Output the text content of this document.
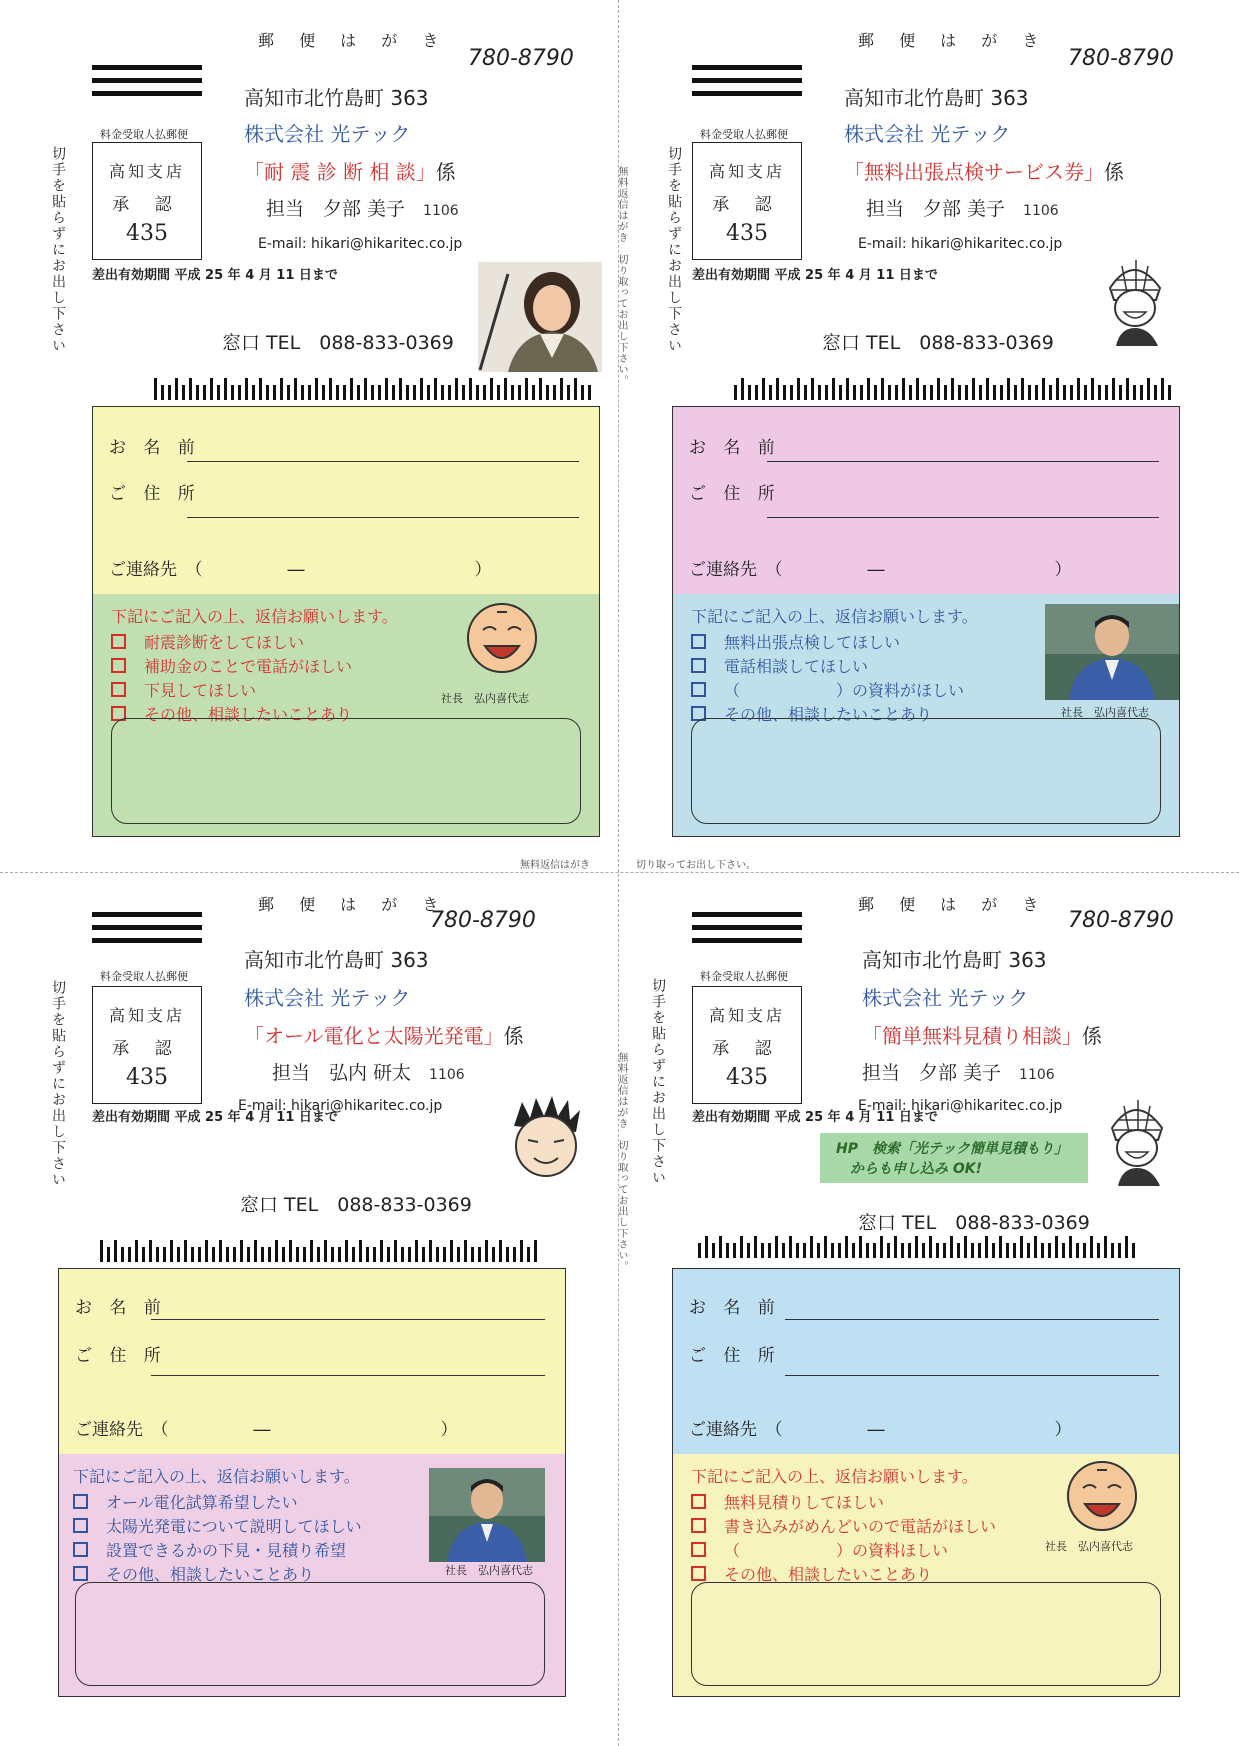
無料返信はがき	切り取ってお出し下さい。
無料返信はがき　切り取ってお出し下さい。
無料返信はがき　切り取ってお出し下さい。
郵 便 は が き
780-8790
高知市北竹島町 363
株式会社 光テック
「耐 震 診 断 相 談」係
担当　夕部 美子 1106
E-mail: hikari@hikaritec.co.jp
料金受取人払郵便
高知支店
承 認
435
差出有効期間 平成 25 年 4 月 11 日まで
切手を貼らずにお出し下さい	窓口 TEL　088-833-0369
お 名 前
ご 住 所
ご連絡先　（　　　　　―　　　　　　　　　　）
下記にご記入の上、返信お願いします。
耐震診断をしてほしい
補助金のことで電話がほしい
下見してほしい
その他、相談したいことあり
社長　弘内喜代志
郵 便 は が き
780-8790
高知市北竹島町 363
株式会社 光テック
「無料出張点検サービス券」係
担当　夕部 美子 1106
E-mail: hikari@hikaritec.co.jp
料金受取人払郵便
高知支店
承 認
435
差出有効期間 平成 25 年 4 月 11 日まで
切手を貼らずにお出し下さい	窓口 TEL　088-833-0369
お 名 前
ご 住 所
ご連絡先　（　　　　　―　　　　　　　　　　）
下記にご記入の上、返信お願いします。
無料出張点検してほしい
電話相談してほしい
（　　　　　　）の資料がほしい
その他、相談したいことあり	社長　弘内喜代志
郵 便 は が き
780-8790
高知市北竹島町 363
株式会社 光テック
「オール電化と太陽光発電」係
担当　弘内 研太 1106
E-mail: hikari@hikaritec.co.jp
料金受取人払郵便
高知支店
承 認
435
差出有効期間 平成 25 年 4 月 11 日まで
切手を貼らずにお出し下さい
窓口 TEL　088-833-0369
お 名 前
ご 住 所
ご連絡先　（　　　　　―　　　　　　　　　　）
下記にご記入の上、返信お願いします。
オール電化試算希望したい
太陽光発電について説明してほしい
設置できるかの下見・見積り希望
その他、相談したいことあり	社長　弘内喜代志
郵 便 は が き
780-8790
高知市北竹島町 363
株式会社 光テック
「簡単無料見積り相談」係
担当　夕部 美子 1106
E-mail: hikari@hikaritec.co.jp
料金受取人払郵便
高知支店
承 認
435
差出有効期間 平成 25 年 4 月 11 日まで
切手を貼らずにお出し下さい
窓口 TEL　088-833-0369
お 名 前
ご 住 所
ご連絡先　（　　　　　―　　　　　　　　　　）
下記にご記入の上、返信お願いします。
無料見積りしてほしい
書き込みがめんどいので電話がほしい
（　　　　　　）の資料ほしい
その他、相談したいことあり
社長　弘内喜代志
HP　検索「光テック簡単見積もり」
からも申し込み OK!
